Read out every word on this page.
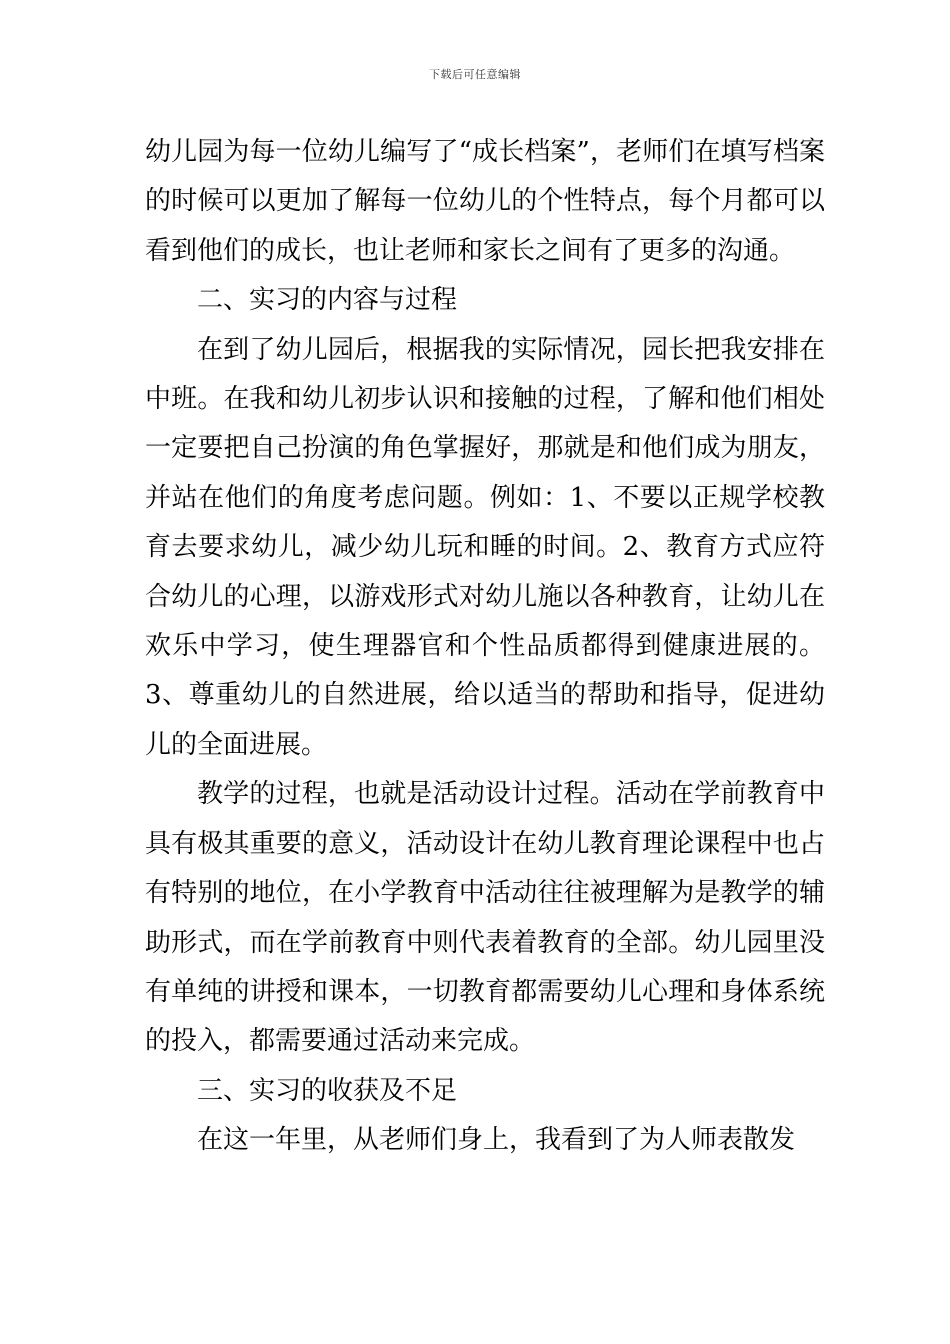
下载后可任意编辑

幼儿园为每一位幼儿编写了“成长档案”，老师们在填写档案的时候可以更加了解每一位幼儿的个性特点，每个月都可以看到他们的成长，也让老师和家长之间有了更多的沟通。

二、实习的内容与过程

在到了幼儿园后，根据我的实际情况，园长把我安排在中班。在我和幼儿初步认识和接触的过程，了解和他们相处一定要把自己扮演的角色掌握好，那就是和他们成为朋友，并站在他们的角度考虑问题。例如：1、不要以正规学校教育去要求幼儿，减少幼儿玩和睡的时间。2、教育方式应符合幼儿的心理，以游戏形式对幼儿施以各种教育，让幼儿在欢乐中学习，使生理器官和个性品质都得到健康进展的。3、尊重幼儿的自然进展，给以适当的帮助和指导，促进幼儿的全面进展。

教学的过程，也就是活动设计过程。活动在学前教育中具有极其重要的意义，活动设计在幼儿教育理论课程中也占有特别的地位，在小学教育中活动往往被理解为是教学的辅助形式，而在学前教育中则代表着教育的全部。幼儿园里没有单纯的讲授和课本，一切教育都需要幼儿心理和身体系统的投入，都需要通过活动来完成。

三、实习的收获及不足

在这一年里，从老师们身上，我看到了为人师表散发
